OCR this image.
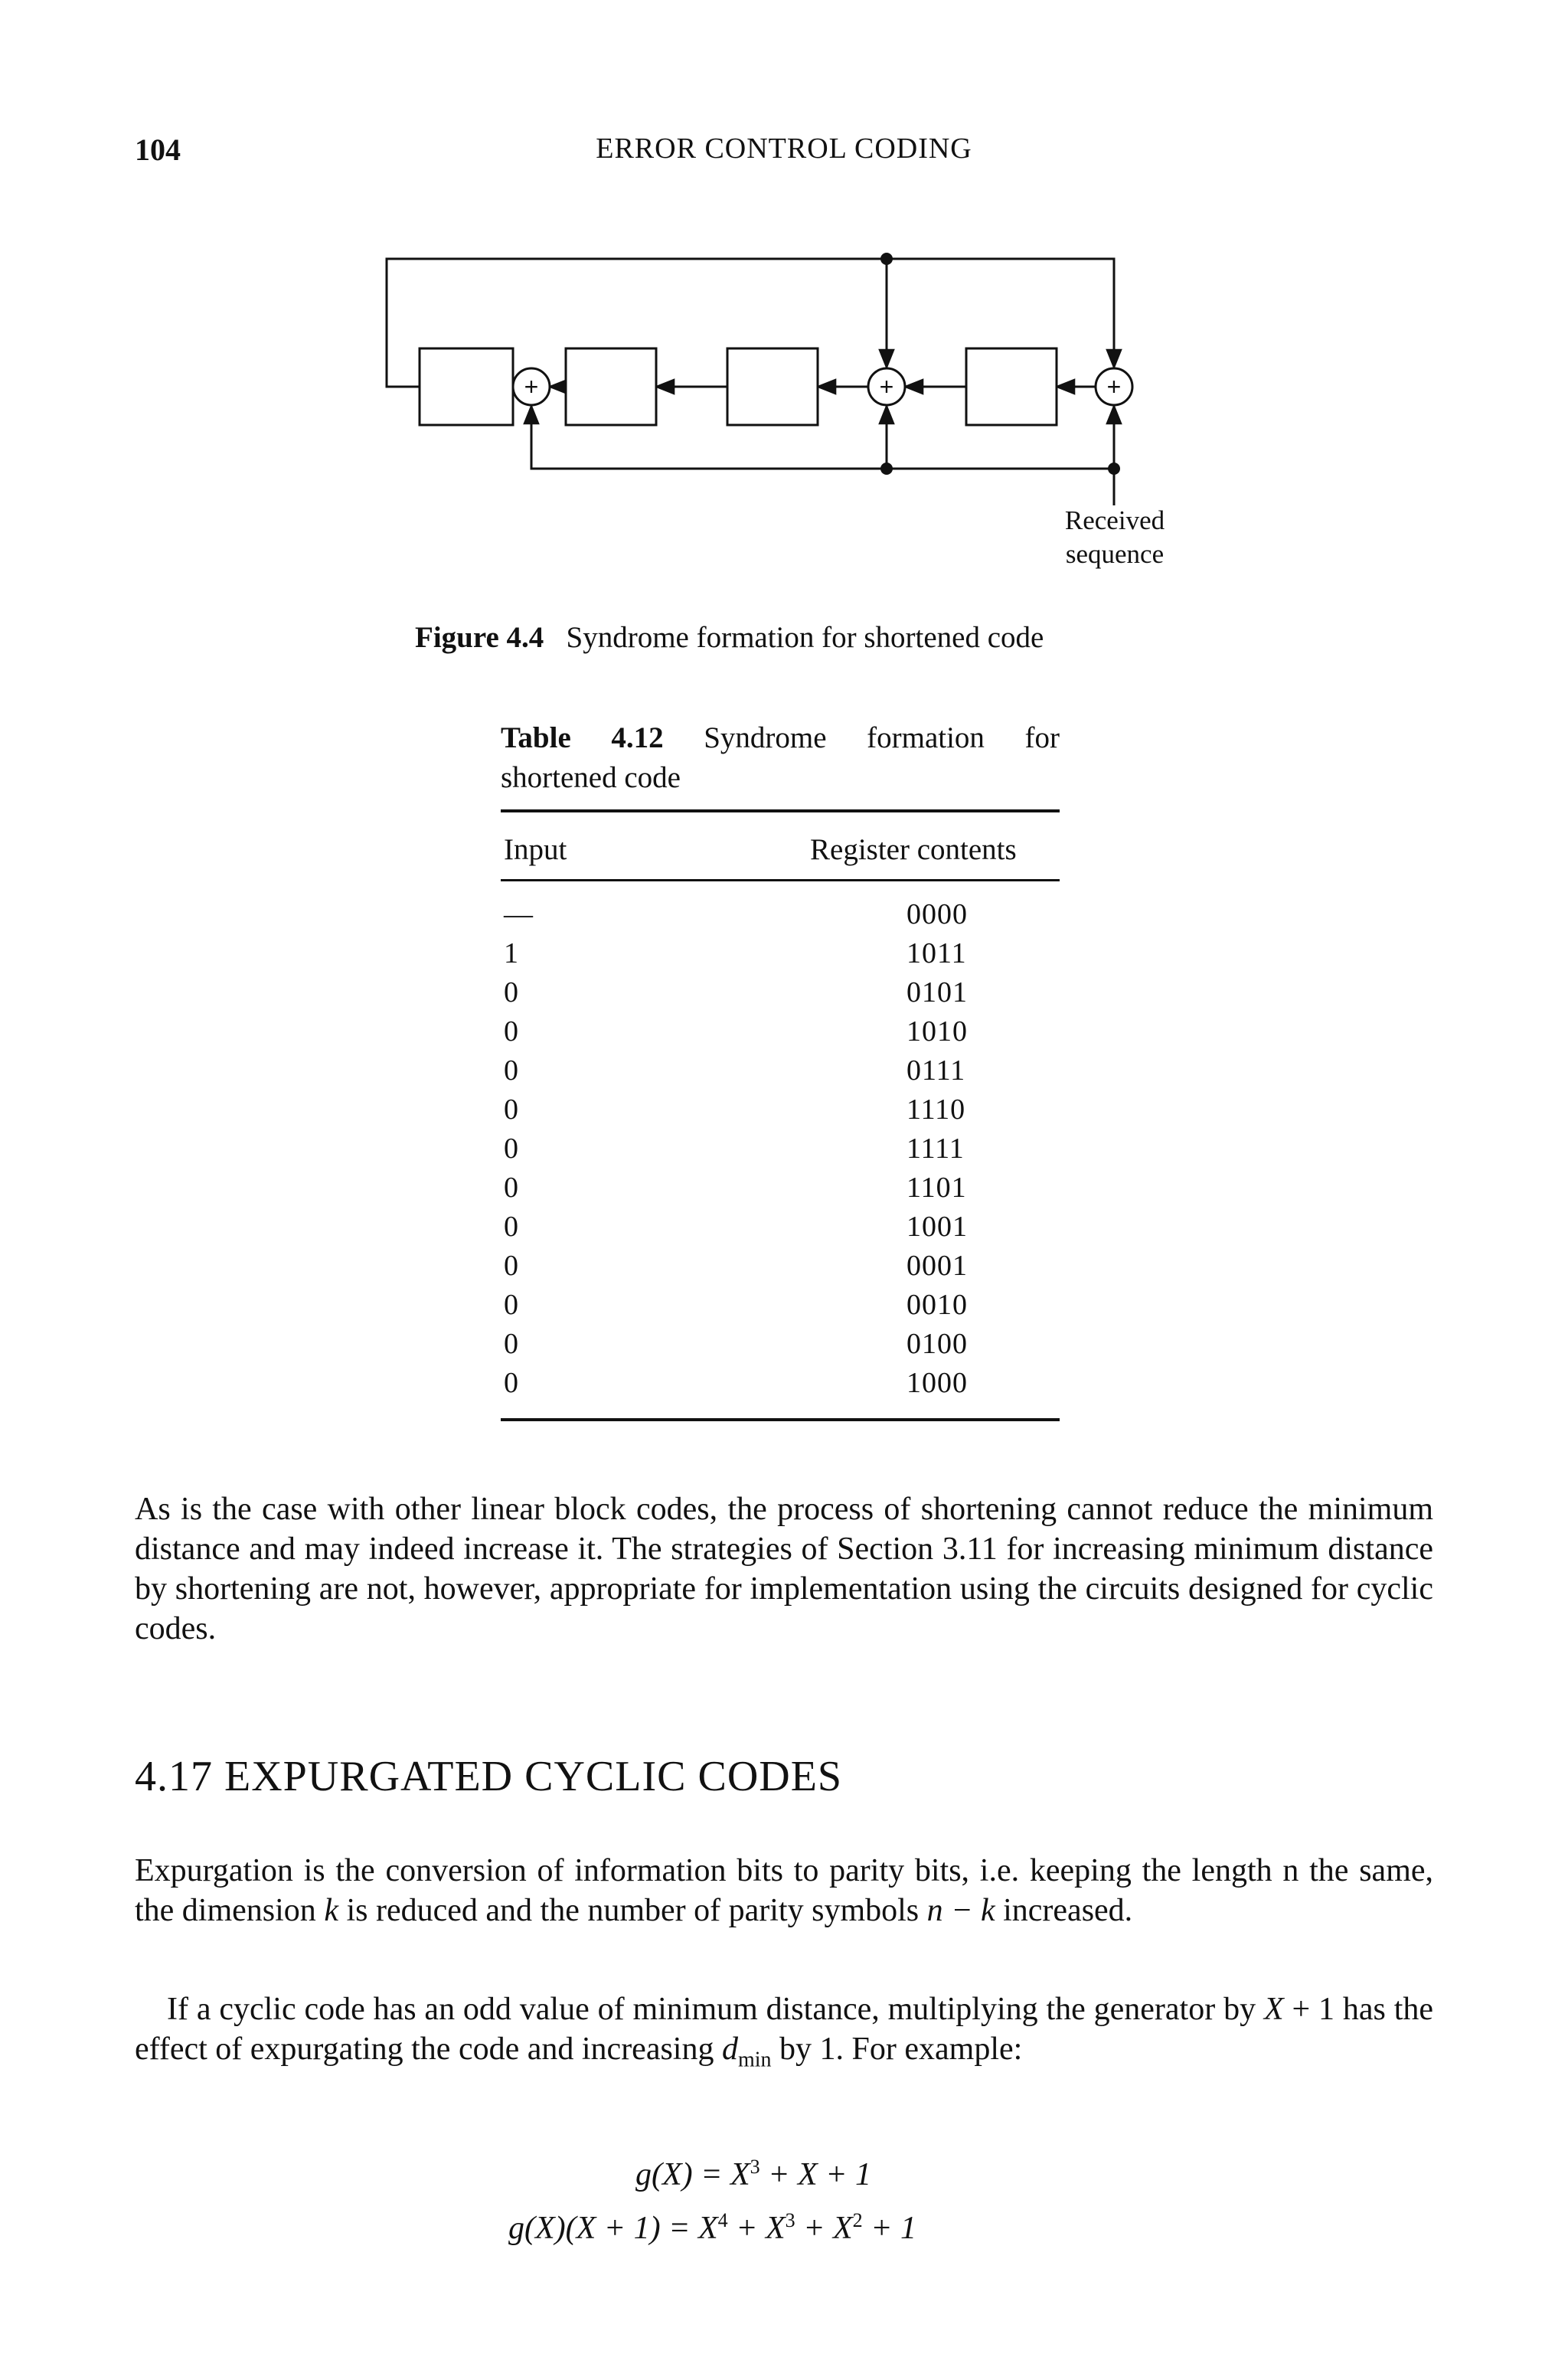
104	ERROR CONTROL CODING
+	+	+
Received
sequence
Figure 4.4 Syndrome formation for shortened code
Table 4.12 Syndrome formation for
shortened code
Input	Register contents
—	0000
1	1011
0	0101
0	1010
0	0111
0	1110
0	1111
0	1101
0	1001
0	0001
0	0010
0	0100
0	1000

As is the case with other linear block codes, the process of shortening cannot reduce the minimum distance and may indeed increase it. The strategies of Section 3.11 for increasing minimum distance by shortening are not, however, appropriate for implementation using the circuits designed for cyclic codes.

4.17 EXPURGATED CYCLIC CODES

Expurgation is the conversion of information bits to parity bits, i.e. keeping the length n the same, the dimension k is reduced and the number of parity symbols n − k increased.

If a cyclic code has an odd value of minimum distance, multiplying the generator by X + 1 has the effect of expurgating the code and increasing $d_{min}$ by 1. For example:

$g(X) = X^3 + X + 1$
$g(X)(X + 1) = X^4 + X^3 + X^2 + 1$
